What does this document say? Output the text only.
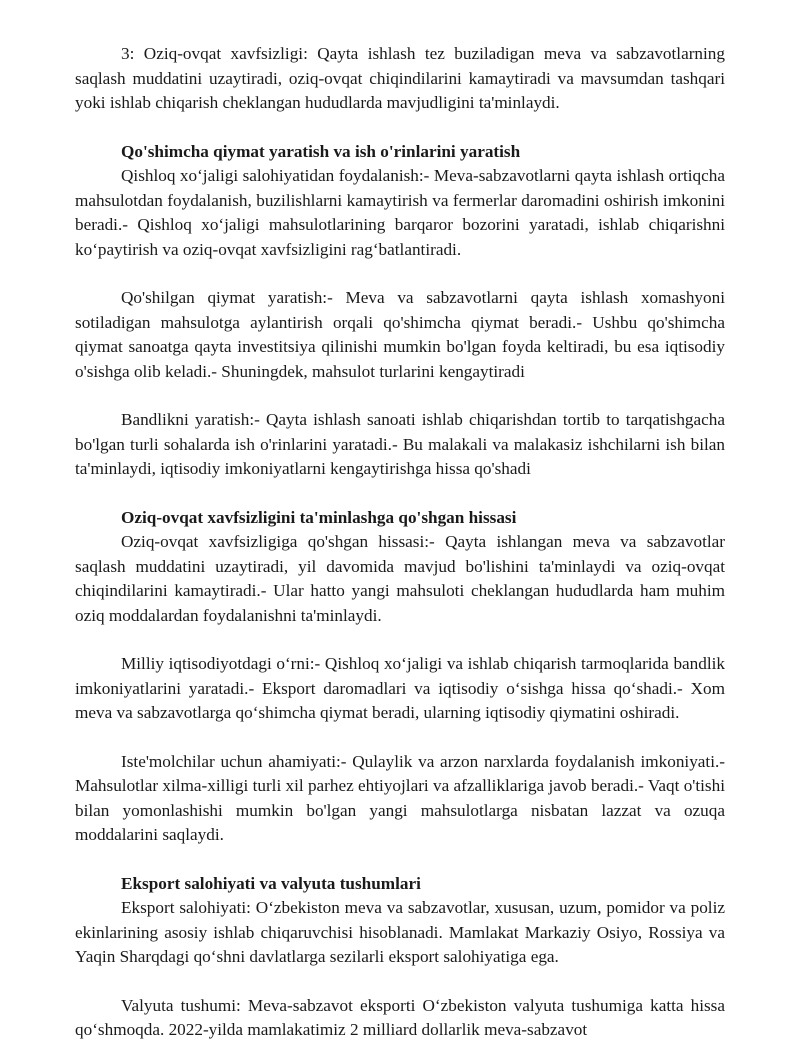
3: Oziq-ovqat xavfsizligi: Qayta ishlash tez buziladigan meva va sabzavotlarning saqlash muddatini uzaytiradi, oziq-ovqat chiqindilarini kamaytiradi va mavsumdan tashqari yoki ishlab chiqarish cheklangan hududlarda mavjudligini ta'minlaydi.

Qo'shimcha qiymat yaratish va ish o'rinlarini yaratish

Qishloq xo‘jaligi salohiyatidan foydalanish:- Meva-sabzavotlarni qayta ishlash ortiqcha mahsulotdan foydalanish, buzilishlarni kamaytirish va fermerlar daromadini oshirish imkonini beradi.- Qishloq xo‘jaligi mahsulotlarining barqaror bozorini yaratadi, ishlab chiqarishni ko‘paytirish va oziq-ovqat xavfsizligini rag‘batlantiradi.

Qo'shilgan qiymat yaratish:- Meva va sabzavotlarni qayta ishlash xomashyoni sotiladigan mahsulotga aylantirish orqali qo'shimcha qiymat beradi.- Ushbu qo'shimcha qiymat sanoatga qayta investitsiya qilinishi mumkin bo'lgan foyda keltiradi, bu esa iqtisodiy o'sishga olib keladi.- Shuningdek, mahsulot turlarini kengaytiradi

Bandlikni yaratish:- Qayta ishlash sanoati ishlab chiqarishdan tortib to tarqatishgacha bo'lgan turli sohalarda ish o'rinlarini yaratadi.- Bu malakali va malakasiz ishchilarni ish bilan ta'minlaydi, iqtisodiy imkoniyatlarni kengaytirishga hissa qo'shadi

Oziq-ovqat xavfsizligini ta'minlashga qo'shgan hissasi

Oziq-ovqat xavfsizligiga qo'shgan hissasi:- Qayta ishlangan meva va sabzavotlar saqlash muddatini uzaytiradi, yil davomida mavjud bo'lishini ta'minlaydi va oziq-ovqat chiqindilarini kamaytiradi.- Ular hatto yangi mahsuloti cheklangan hududlarda ham muhim oziq moddalardan foydalanishni ta'minlaydi.

Milliy iqtisodiyotdagi o‘rni:- Qishloq xo‘jaligi va ishlab chiqarish tarmoqlarida bandlik imkoniyatlarini yaratadi.- Eksport daromadlari va iqtisodiy o‘sishga hissa qo‘shadi.- Xom meva va sabzavotlarga qo‘shimcha qiymat beradi, ularning iqtisodiy qiymatini oshiradi.

Iste'molchilar uchun ahamiyati:- Qulaylik va arzon narxlarda foydalanish imkoniyati.- Mahsulotlar xilma-xilligi turli xil parhez ehtiyojlari va afzalliklariga javob beradi.- Vaqt o'tishi bilan yomonlashishi mumkin bo'lgan yangi mahsulotlarga nisbatan lazzat va ozuqa moddalarini saqlaydi.

Eksport salohiyati va valyuta tushumlari

Eksport salohiyati: O‘zbekiston meva va sabzavotlar, xususan, uzum, pomidor va poliz ekinlarining asosiy ishlab chiqaruvchisi hisoblanadi. Mamlakat Markaziy Osiyo, Rossiya va Yaqin Sharqdagi qo‘shni davlatlarga sezilarli eksport salohiyatiga ega.

Valyuta tushumi: Meva-sabzavot eksporti O‘zbekiston valyuta tushumiga katta hissa qo‘shmoqda. 2022-yilda mamlakatimiz 2 milliard dollarlik meva-sabzavot
